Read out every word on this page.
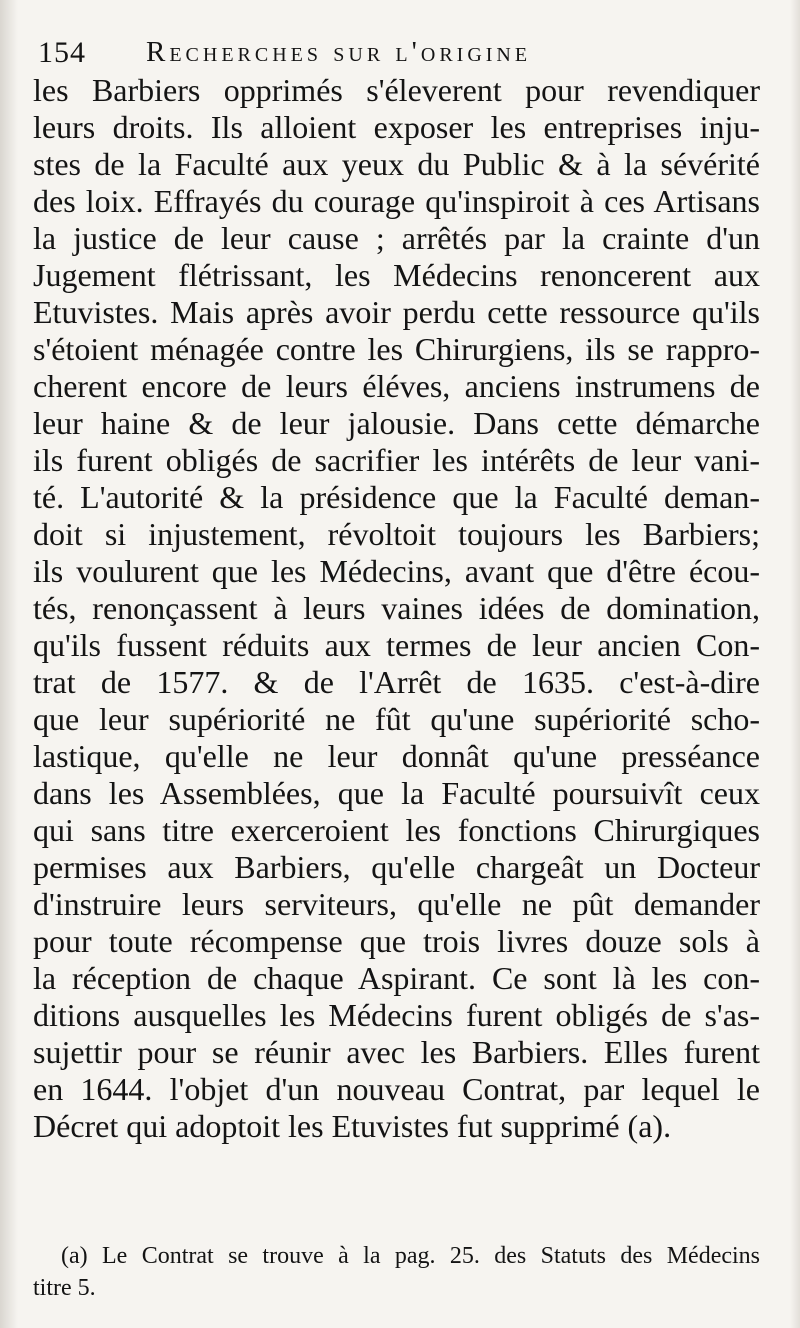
154 Recherches sur l'origine
les Barbiers opprimés s'éleverent pour revendiquer
leurs droits. Ils alloient exposer les entreprises inju-
stes de la Faculté aux yeux du Public & à la sévérité
des loix. Effrayés du courage qu'inspiroit à ces Artisans
la justice de leur cause ; arrêtés par la crainte d'un
Jugement flétrissant, les Médecins renoncerent aux
Etuvistes. Mais après avoir perdu cette ressource qu'ils
s'étoient ménagée contre les Chirurgiens, ils se rappro-
cherent encore de leurs éléves, anciens instrumens de
leur haine & de leur jalousie. Dans cette démarche
ils furent obligés de sacrifier les intérêts de leur vani-
té. L'autorité & la présidence que la Faculté deman-
doit si injustement, révoltoit toujours les Barbiers;
ils voulurent que les Médecins, avant que d'être écou-
tés, renonçassent à leurs vaines idées de domination,
qu'ils fussent réduits aux termes de leur ancien Con-
trat de 1577. & de l'Arrêt de 1635. c'est-à-dire
que leur supériorité ne fût qu'une supériorité scho-
lastique, qu'elle ne leur donnât qu'une presséance
dans les Assemblées, que la Faculté poursuivît ceux
qui sans titre exerceroient les fonctions Chirurgiques
permises aux Barbiers, qu'elle chargeât un Docteur
d'instruire leurs serviteurs, qu'elle ne pût demander
pour toute récompense que trois livres douze sols à
la réception de chaque Aspirant. Ce sont là les con-
ditions ausquelles les Médecins furent obligés de s'as-
sujettir pour se réunir avec les Barbiers. Elles furent
en 1644. l'objet d'un nouveau Contrat, par lequel le
Décret qui adoptoit les Etuvistes fut supprimé (a).
(a) Le Contrat se trouve à la pag. 25. des Statuts des Médecins
titre 5.
